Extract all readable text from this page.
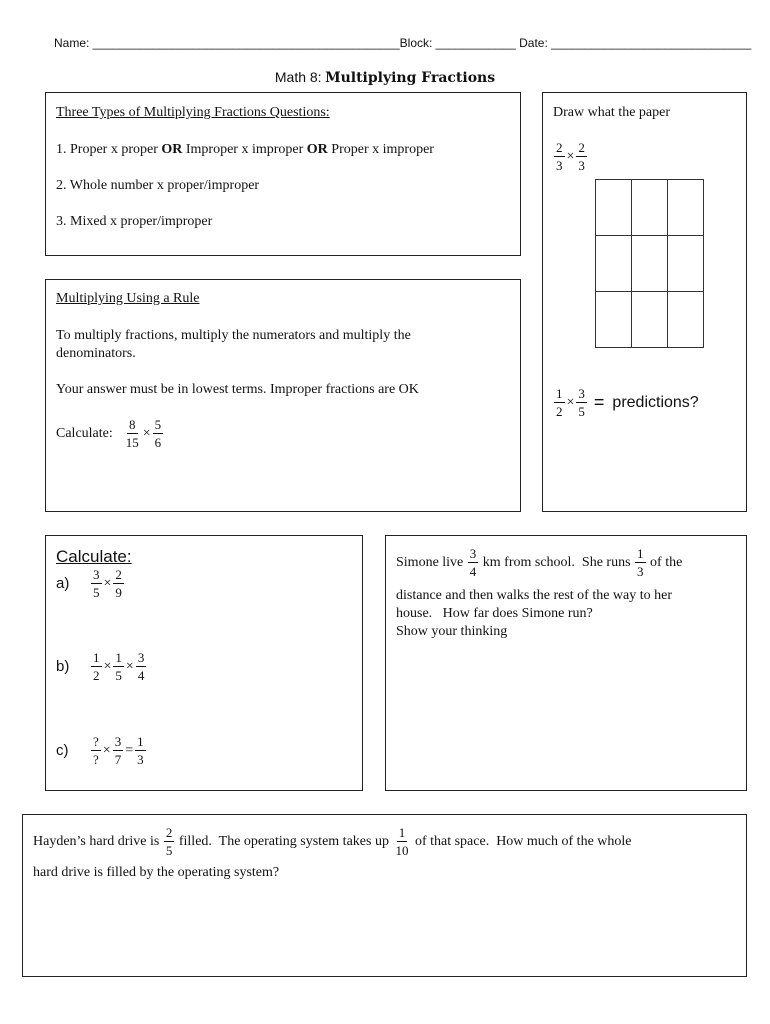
Name: ______________________________________________Block: ____________ Date: ______________________________
Math 8: Multiplying Fractions
Three Types of Multiplying Fractions Questions:
1. Proper x proper OR Improper x improper OR Proper x improper
2. Whole number x proper/improper
3. Mixed x proper/improper
Multiplying Using a Rule
To multiply fractions, multiply the numerators and multiply the
denominators.
Your answer must be in lowest terms. Improper fractions are OK
Calculate: $\frac{8}{15} \times \frac{5}{6}$
Draw what the paper
$\frac{2}{3} \times \frac{2}{3}$

$\frac{1}{2} \times \frac{3}{5}$ = predictions?
Calculate:
a)	$\frac{3}{5} \times \frac{2}{9}$
b)	$\frac{1}{2} \times \frac{1}{5} \times \frac{3}{4}$
c)	$\frac{?}{?} \times \frac{3}{7} = \frac{1}{3}$
Simone live $\frac{3}{4}$ km from school.  She runs $\frac{1}{3}$ of the
distance and then walks the rest of the way to her
house.   How far does Simone run?
Show your thinking
Hayden’s hard drive is $\frac{2}{5}$ filled.  The operating system takes up $\frac{1}{10}$ of that space.  How much of the whole
hard drive is filled by the operating system?
